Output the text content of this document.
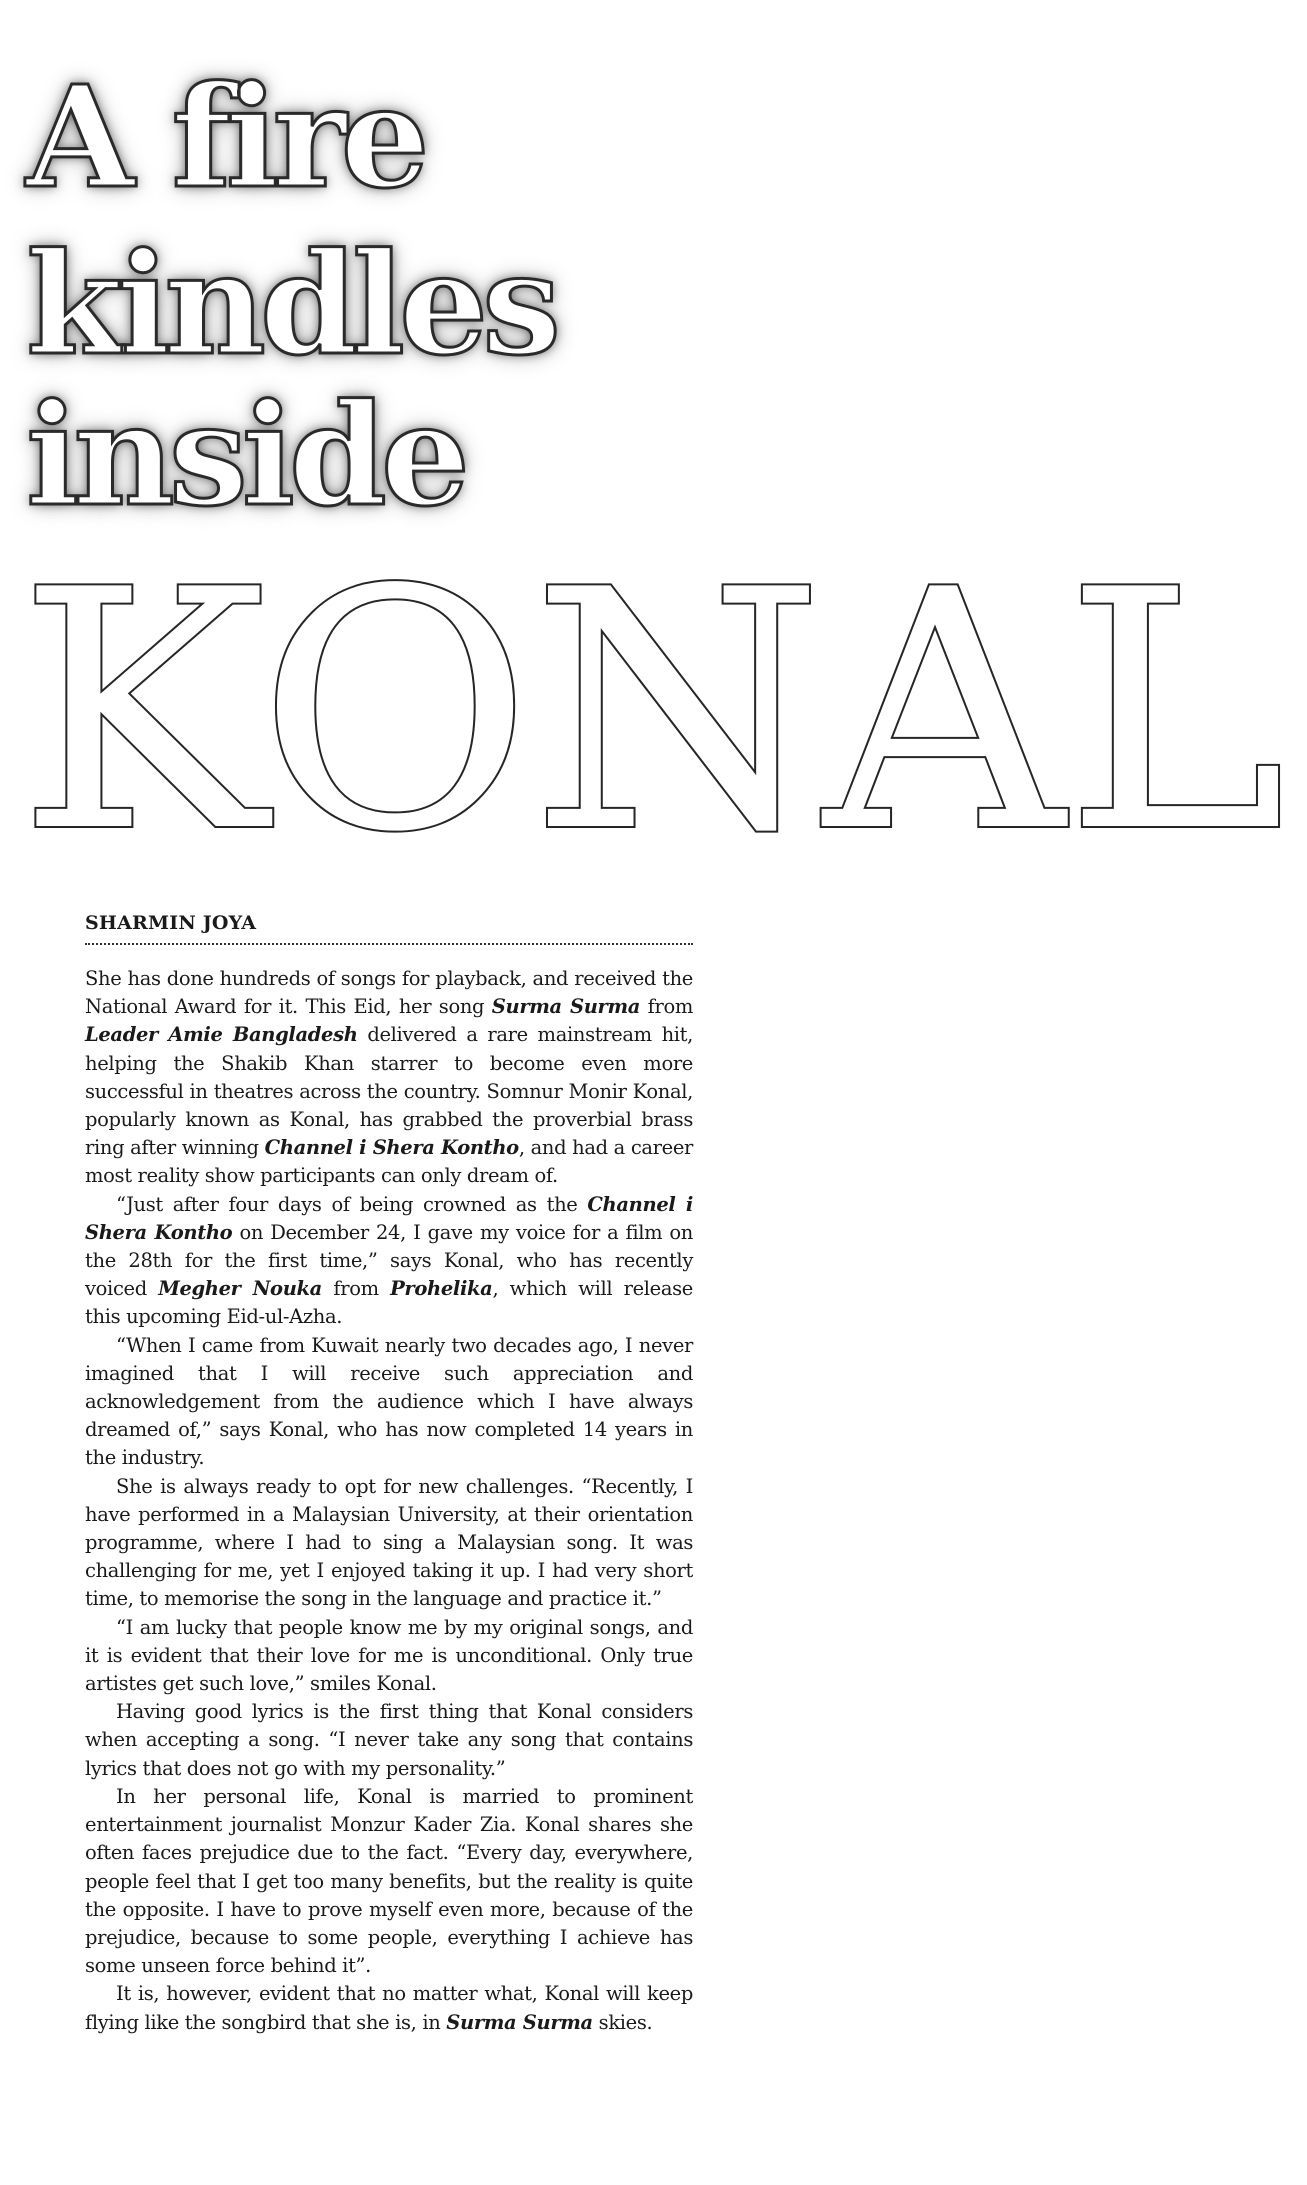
A fire
kindles
inside
KONAL
SHARMIN JOYA

She has done hundreds of songs for playback, and received the National Award for it. This Eid, her song Surma Surma from Leader Amie Bangladesh delivered a rare mainstream hit, helping the Shakib Khan starrer to become even more successful in theatres across the country. Somnur Monir Konal, popularly known as Konal, has grabbed the proverbial brass ring after winning Channel i Shera Kontho, and had a career most reality show participants can only dream of.

“Just after four days of being crowned as the Channel i Shera Kontho on December 24, I gave my voice for a film on the 28th for the first time,” says Konal, who has recently voiced Megher Nouka from Prohelika, which will release this upcoming Eid-ul-Azha.

“When I came from Kuwait nearly two decades ago, I never imagined that I will receive such appreciation and acknowledgement from the audience which I have always dreamed of,” says Konal, who has now completed 14 years in the industry.

She is always ready to opt for new challenges. “Recently, I have performed in a Malaysian University, at their orientation programme, where I had to sing a Malaysian song. It was challenging for me, yet I enjoyed taking it up. I had very short time, to memorise the song in the language and practice it.”

“I am lucky that people know me by my original songs, and it is evident that their love for me is unconditional. Only true artistes get such love,” smiles Konal.

Having good lyrics is the first thing that Konal considers when accepting a song. “I never take any song that contains lyrics that does not go with my personality.”

In her personal life, Konal is married to prominent entertainment journalist Monzur Kader Zia. Konal shares she often faces prejudice due to the fact. “Every day, everywhere, people feel that I get too many benefits, but the reality is quite the opposite. I have to prove myself even more, because of the prejudice, because to some people, everything I achieve has some unseen force behind it”.

It is, however, evident that no matter what, Konal will keep flying like the songbird that she is, in Surma Surma skies.
